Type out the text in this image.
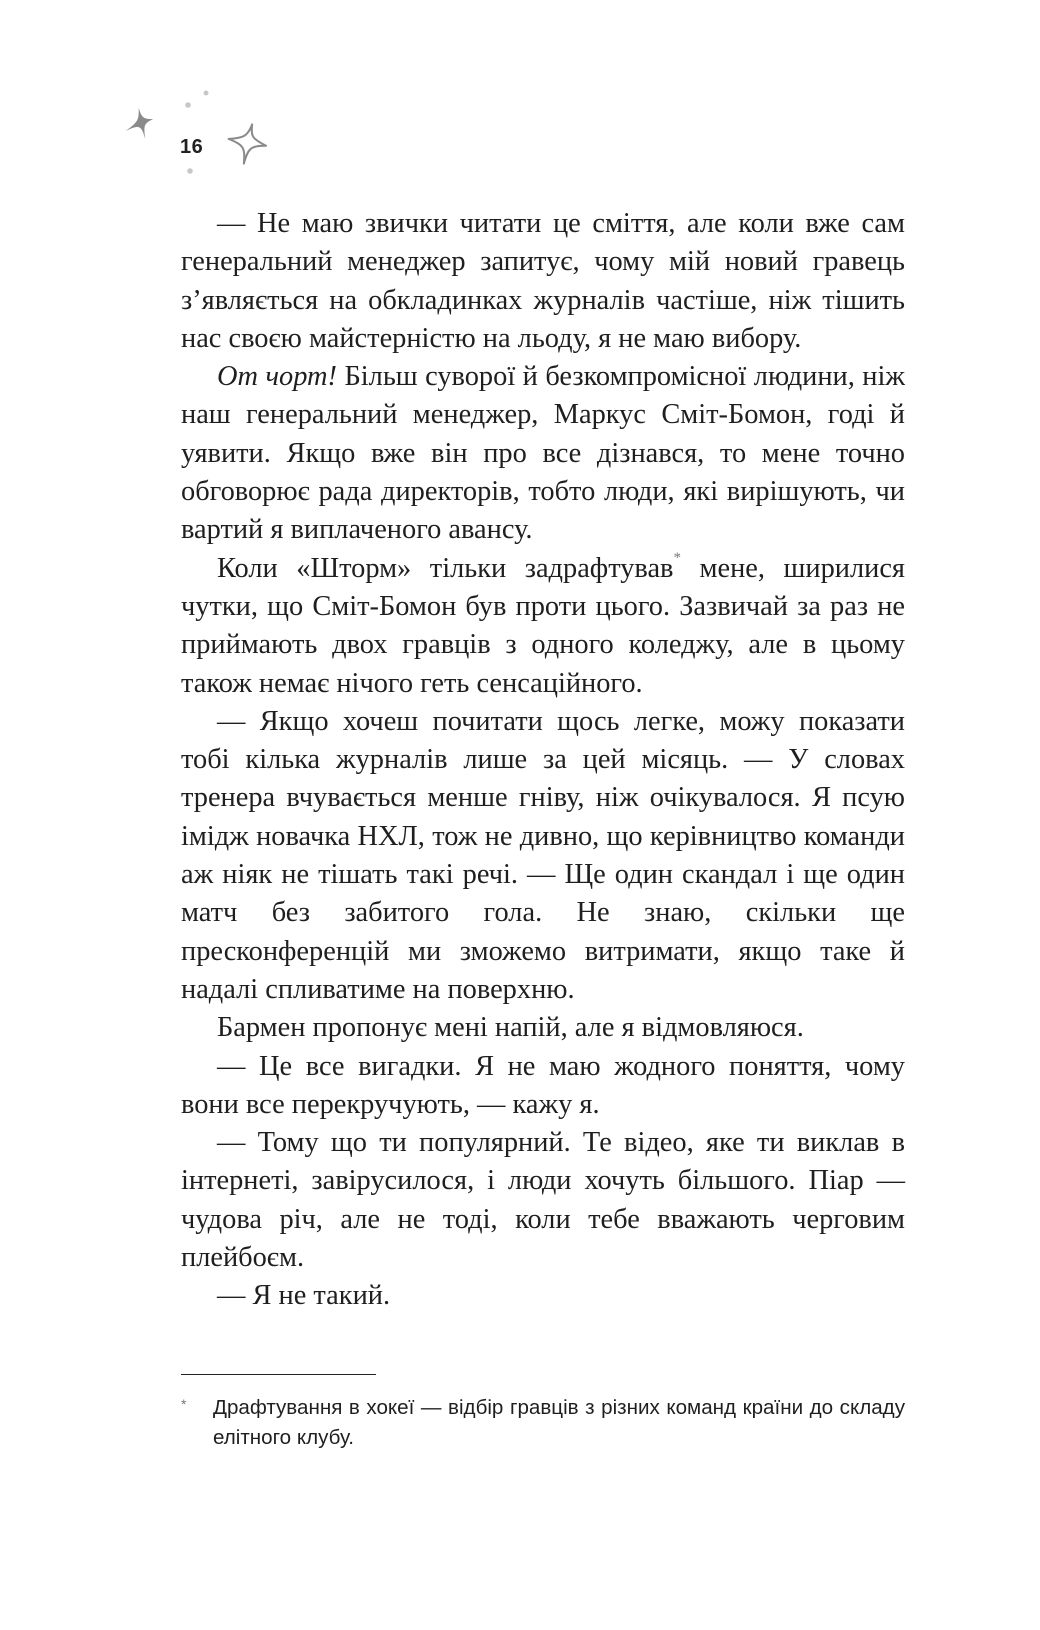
16

— Не маю звички читати це сміття, але коли вже сам генеральний менеджер запитує, чому мій новий гравець з’являється на обкладинках журналів частіше, ніж тішить нас своєю майстерністю на льоду, я не маю вибору.

От чорт! Більш суворої й безкомпромісної людини, ніж наш генеральний менеджер, Маркус Сміт-Бомон, годі й уявити. Якщо вже він про все дізнався, то мене точно обговорює рада директорів, тобто люди, які вирішують, чи вартий я виплаченого авансу.

Коли «Шторм» тільки задрафтував* мене, ширилися чутки, що Сміт-Бомон був проти цього. Зазвичай за раз не приймають двох гравців з одного коледжу, але в цьому також немає нічого геть сенсаційного.

— Якщо хочеш почитати щось легке, можу показати тобі кілька журналів лише за цей місяць. — У словах тренера вчувається менше гніву, ніж очікувалося. Я псую імідж новачка НХЛ, тож не дивно, що керівництво команди аж ніяк не тішать такі речі. — Ще один скандал і ще один матч без забитого гола. Не знаю, скільки ще пресконференцій ми зможемо витримати, якщо таке й надалі спливатиме на поверхню.

Бармен пропонує мені напій, але я відмовляюся.

— Це все вигадки. Я не маю жодного поняття, чому вони все перекручують, — кажу я.

— Тому що ти популярний. Те відео, яке ти виклав в інтернеті, завірусилося, і люди хочуть більшого. Піар — чудова річ, але не тоді, коли тебе вважають черговим плейбоєм.

— Я не такий.

* Драфтування в хокеї — відбір гравців з різних команд країни до складу елітного клубу.
